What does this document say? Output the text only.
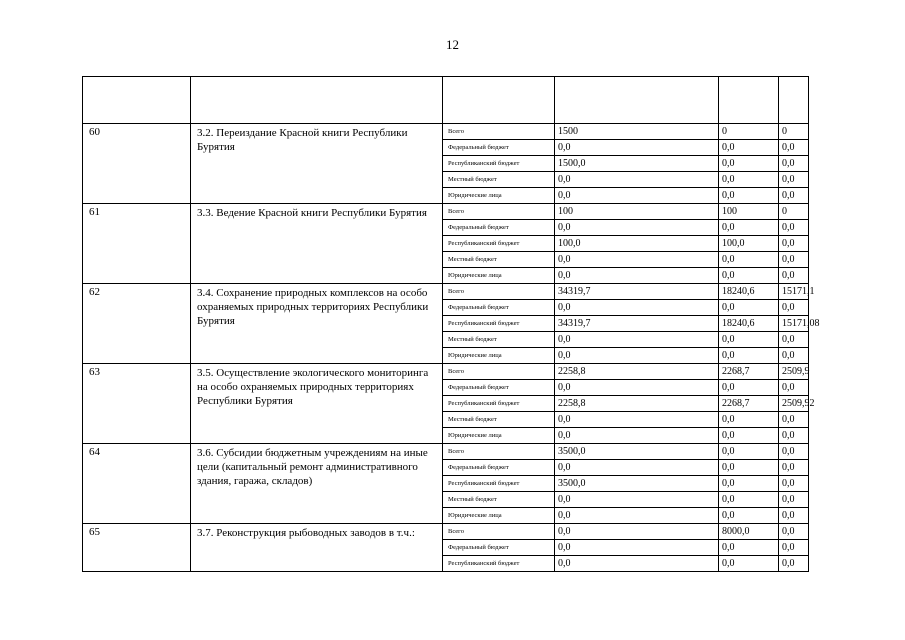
12

60	3.2. Переиздание Красной книги Республики Бурятия	Всего	1500	0	0
		Федеральный бюджет	0,0	0,0	0,0
		Республиканский бюджет	1500,0	0,0	0,0
		Местный бюджет	0,0	0,0	0,0
		Юридические лица	0,0	0,0	0,0
61	3.3. Ведение Красной книги Республики Бурятия	Всего	100	100	0
		Федеральный бюджет	0,0	0,0	0,0
		Республиканский бюджет	100,0	100,0	0,0
		Местный бюджет	0,0	0,0	0,0
		Юридические лица	0,0	0,0	0,0
62	3.4. Сохранение природных комплексов на особо охраняемых природных территориях Республики Бурятия	Всего	34319,7	18240,6	15171,1
		Федеральный бюджет	0,0	0,0	0,0
		Республиканский бюджет	34319,7	18240,6	15171,08
		Местный бюджет	0,0	0,0	0,0
		Юридические лица	0,0	0,0	0,0
63	3.5. Осуществление экологического мониторинга на особо охраняемых природных территориях Республики Бурятия	Всего	2258,8	2268,7	2509,9
		Федеральный бюджет	0,0	0,0	0,0
		Республиканский бюджет	2258,8	2268,7	2509,92
		Местный бюджет	0,0	0,0	0,0
		Юридические лица	0,0	0,0	0,0
64	3.6. Субсидии бюджетным учреждениям на иные цели (капитальный ремонт административного здания, гаража, складов)	Всего	3500,0	0,0	0,0
		Федеральный бюджет	0,0	0,0	0,0
		Республиканский бюджет	3500,0	0,0	0,0
		Местный бюджет	0,0	0,0	0,0
		Юридические лица	0,0	0,0	0,0
65	3.7. Реконструкция рыбоводных заводов в т.ч.:	Всего	0,0	8000,0	0,0
		Федеральный бюджет	0,0	0,0	0,0
		Республиканский бюджет	0,0	0,0	0,0
